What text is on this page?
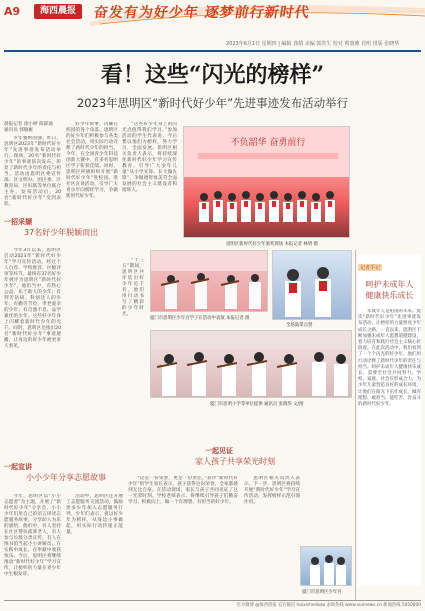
A9	海西晨报	奋发有为好少年 逐梦前行新时代
2023年6月1日 星期四 | 编辑 龚婧 美编 郭洪生 校对 蔡惠雅 肖明 排版 张晓华
看！这些“闪光的榜样”
2023年思明区“新时代好少年”先进事迹发布活动举行
晨报记者 徐小婷 陈郁通
通讯员 郭敏雁

少年强则国强。昨日，思明区2023年“新时代好少年”先进事迹发布活动举行。现场，20名“新时代好少年”的事迹依次发布，彰显了新时代少年的责任与担当。活动由思明区委宣传部、区文明办、团区委、区教育局、区妇联等单位联合主办。发布活动后，20名“新时代好少年”受到表彰。

一招采撷
37名好少年脱颖而出

今年3月以来，思明区启动2023年“新时代好少年”学习宣传活动。经过个人自荐、学校推荐、区级评审等环节，最终有37名好少年被评为思明区“新时代好少年”。他们当中，有热心公益、乐于助人的少年；有刻苦钻研、科创达人的少年；有勤劳节俭、孝老爱亲的少年；有自强不息、品学兼优的少年。这些好少年身上闪耀着新时代少年的光芒。同时，思明区还推出20名“新时代好少年”事迹展播，让身边的好少年被更多人看见。

好少年故事，闪耀在校园的各个角落。思明区的好少年们积极参与各类社会活动，用实际行动诠释了新时代少年的担当。今年，在全国青少年科技创新大赛中，有多名思明区学子斩获佳绩。同时，思明区积极组织开展“新时代好少年”进校园、进社区宣讲活动，引导广大青少年向榜样学习，争做新时代好少年。

“这些好少年身上的闪光点值得我们学习。”参加活动的学生代表说，今后要以他们为榜样，努力学习，全面发展。思明区相关负责人表示，将持续深化新时代好少年学习宣传教育，引导广大少年儿童“从小学先锋、长大做先锋”，争做德智体美劳全面发展的社会主义建设者和接班人。

“十三五”期间，思明区共评选出好少年近千名，他们用行动书写了精彩的少年时光。

不负韶华 奋勇前行
思明区新时代好少年颁奖现场 本报记者 林明 摄
厦门市思明区少年宫学子在活动中表演 本报记者 摄
全场鼓掌点赞
厦门市思明小学等单位提供 通讯员 张晓华 文/图
记者手记
呵护未成年人
健康快乐成长

未成年人是祖国的未来。此次“新时代好少年”先进事迹发布活动，让榜样的力量照亮少年成长之路。一直以来，思明区不断加强未成年人思想道德建设，着力培育和践行社会主义核心价值观。在此次活动中，我们看到了一个个闪光的好少年，他们用行动诠释了新时代少年的责任与担当。呵护未成年人健康快乐成长，需要全社会共同努力。学校、家庭、社会应形成合力，为少年儿童营造良好的成长环境，让他们在阳光下茁壮成长，做有理想、敢担当、能吃苦、肯奋斗的新时代好少年。

一起宣讲
小小少年分享志愿故事

今年，思明区以“小小志愿者”为主题，开展了“新时代好少年”分享会。小小少年们用自己的语言讲述志愿服务故事，分享助人为乐的感悟。他们中，有人坚持在社区帮扶孤寡老人，有人参与垃圾分类宣传，有人在图书馆当起小小讲解员，在实践中成长，在奉献中收获快乐。今后，思明区将继续推动“新时代好少年”学习宣传，让榜样的力量在青少年中生根发芽。

活动中，思明区还开展了志愿服务交流活动，鼓励更多少年加入志愿服务行列。少年们表示，将以好少年为榜样，从身边小事做起，用实际行动传递正能量。

一起见证
家人孩子共享荣光时刻

“这是一份荣誉，更是一份责任。”获评“新时代好少年”的学生家长表示，孩子获得这份荣誉，全家都感到无比自豪。在活动现场，家长与孩子共同见证了这一光荣时刻。学校老师表示，将继续引导孩子们勤奋学习、积极向上，做一个有理想、有担当的好少年。

思明区相关负责人表示，下一步，思明区将持续开展“新时代好少年”学习宣传活动，发挥榜样示范引领作用。

厦门市思明区少年宫
官方微博 @海西晨报 官方微信 haixichenbao 求助热线 www.sunnews.cn 新闻热线 5050000
